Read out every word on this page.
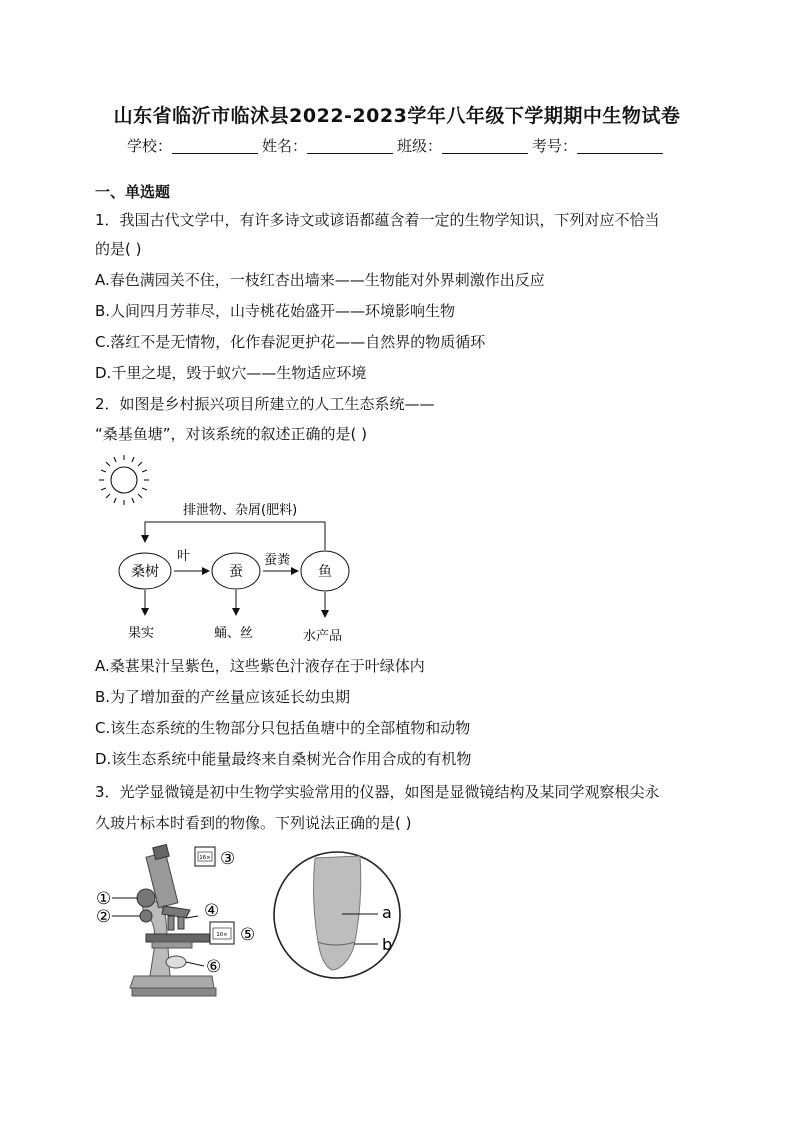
山东省临沂市临沭县2022-2023学年八年级下学期期中生物试卷
学校：	姓名：	班级：	考号：
一、单选题
1．我国古代文学中，有许多诗文或谚语都蕴含着一定的生物学知识，下列对应不恰当
的是( )
A.春色满园关不住，一枝红杏出墙来——生物能对外界刺激作出反应
B.人间四月芳菲尽，山寺桃花始盛开——环境影响生物
C.落红不是无情物，化作春泥更护花——自然界的物质循环
D.千里之堤，毁于蚁穴——生物适应环境
2．如图是乡村振兴项目所建立的人工生态系统——
“桑基鱼塘”，对该系统的叙述正确的是( )
排泄物、杂屑(肥料)
桑树	蚕	鱼
叶	蚕粪
果实	蛹、丝	水产品
A.桑葚果汁呈紫色，这些紫色汁液存在于叶绿体内
B.为了增加蚕的产丝量应该延长幼虫期
C.该生态系统的生物部分只包括鱼塘中的全部植物和动物
D.该生态系统中能量最终来自桑树光合作用合成的有机物
3．光学显微镜是初中生物学实验常用的仪器，如图是显微镜结构及某同学观察根尖永
久玻片标本时看到的物像。下列说法正确的是( )
16×
10×
①
②
③
④
⑤
⑥
a
b
